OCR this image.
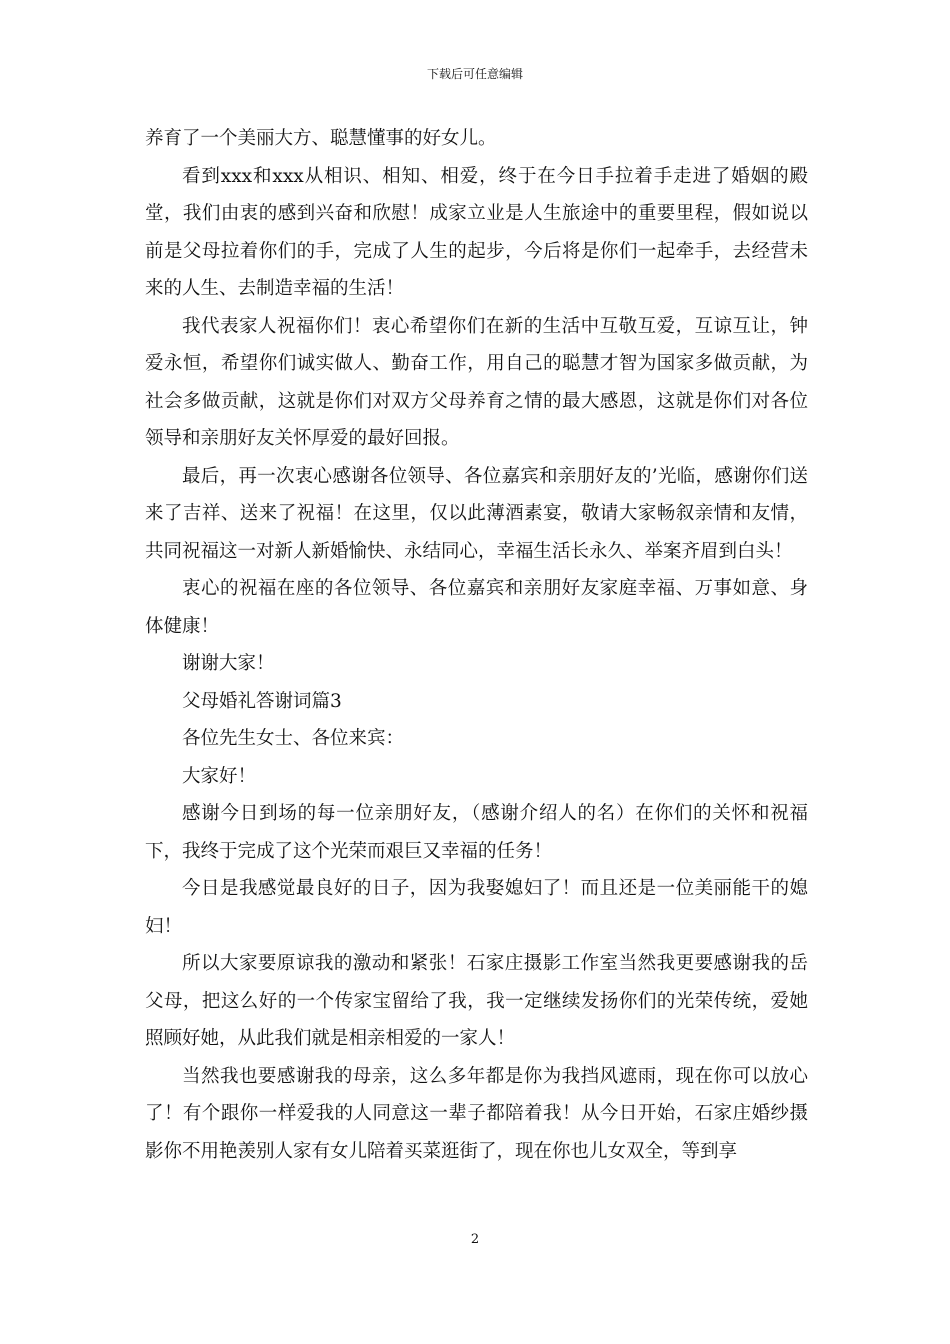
下载后可任意编辑

养育了一个美丽大方、聪慧懂事的好女儿。

看到xxx和xxx从相识、相知、相爱，终于在今日手拉着手走进了婚姻的殿堂，我们由衷的感到兴奋和欣慰！成家立业是人生旅途中的重要里程，假如说以前是父母拉着你们的手，完成了人生的起步，今后将是你们一起牵手，去经营未来的人生、去制造幸福的生活！

我代表家人祝福你们！衷心希望你们在新的生活中互敬互爱，互谅互让，钟爱永恒，希望你们诚实做人、勤奋工作，用自己的聪慧才智为国家多做贡献，为社会多做贡献，这就是你们对双方父母养育之情的最大感恩，这就是你们对各位领导和亲朋好友关怀厚爱的最好回报。

最后，再一次衷心感谢各位领导、各位嘉宾和亲朋好友的’光临，感谢你们送来了吉祥、送来了祝福！在这里，仅以此薄酒素宴，敬请大家畅叙亲情和友情，共同祝福这一对新人新婚愉快、永结同心，幸福生活长永久、举案齐眉到白头！

衷心的祝福在座的各位领导、各位嘉宾和亲朋好友家庭幸福、万事如意、身体健康！

谢谢大家！

父母婚礼答谢词篇3

各位先生女士、各位来宾：

大家好！

感谢今日到场的每一位亲朋好友，（感谢介绍人的名）在你们的关怀和祝福下，我终于完成了这个光荣而艰巨又幸福的任务！

今日是我感觉最良好的日子，因为我娶媳妇了！而且还是一位美丽能干的媳妇！

所以大家要原谅我的激动和紧张！石家庄摄影工作室当然我更要感谢我的岳父母，把这么好的一个传家宝留给了我，我一定继续发扬你们的光荣传统，爱她照顾好她，从此我们就是相亲相爱的一家人！

当然我也要感谢我的母亲，这么多年都是你为我挡风遮雨，现在你可以放心了！有个跟你一样爱我的人同意这一辈子都陪着我！从今日开始，石家庄婚纱摄影你不用艳羡别人家有女儿陪着买菜逛街了，现在你也儿女双全，等到享

2
